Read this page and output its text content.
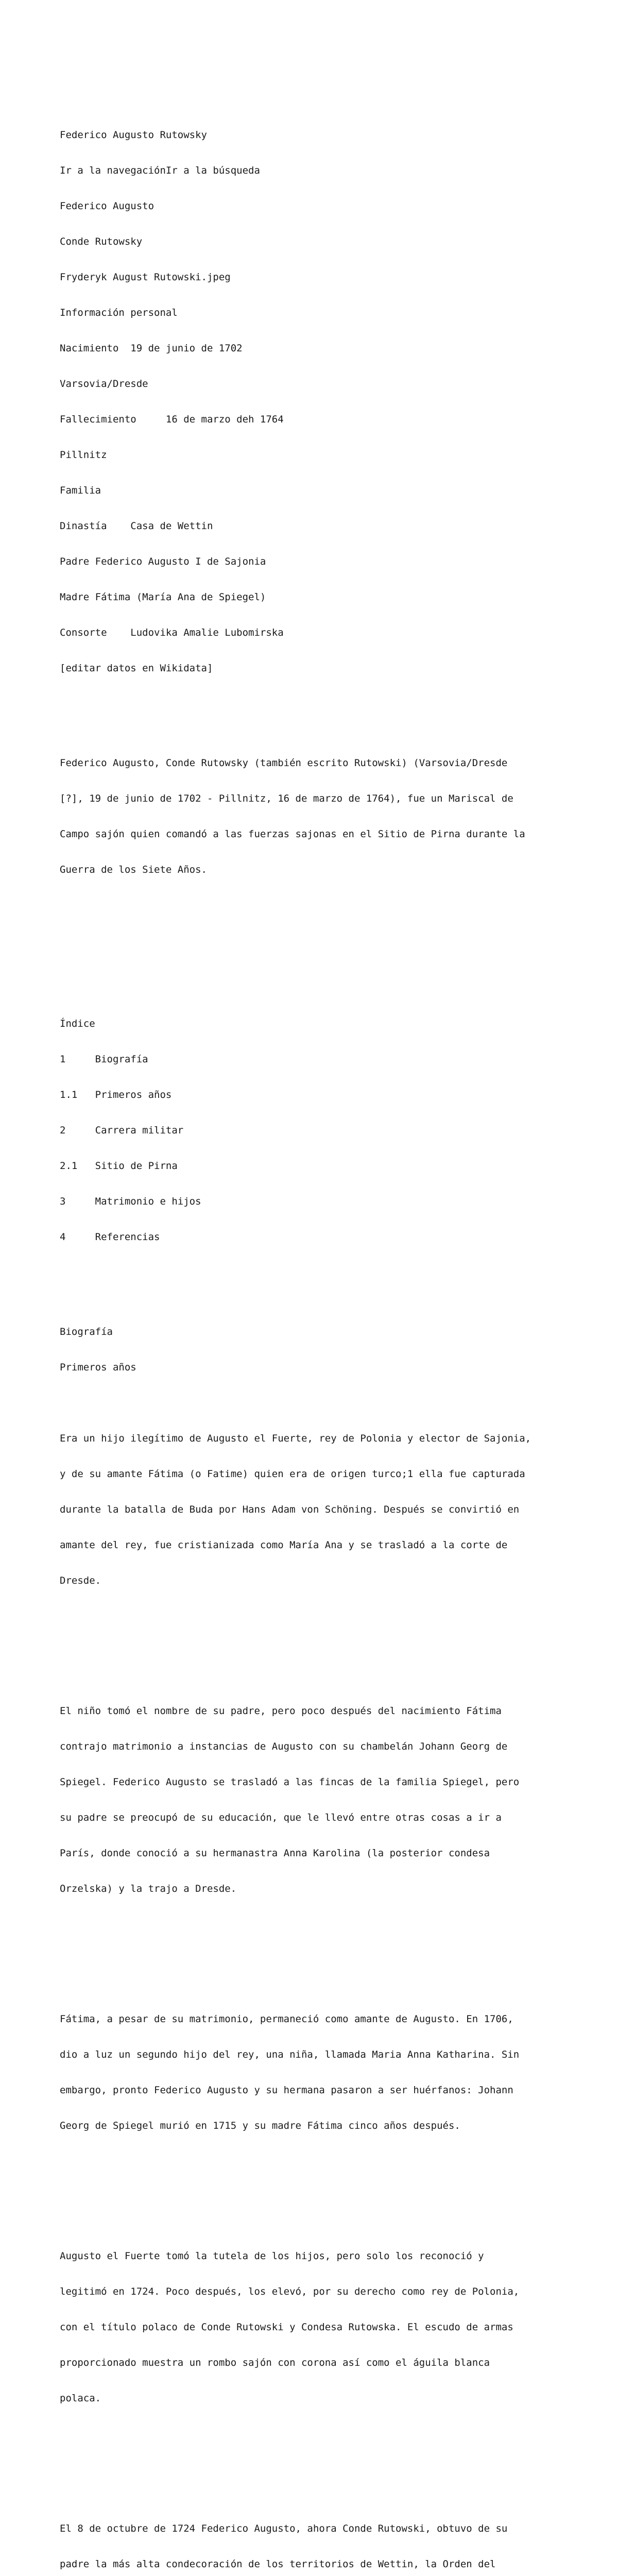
Federico Augusto Rutowsky

Ir a la navegaciónIr a la búsqueda

Federico Augusto

Conde Rutowsky

Fryderyk August Rutowski.jpeg

Información personal

Nacimiento  19 de junio de 1702

Varsovia/Dresde

Fallecimiento     16 de marzo deh 1764

Pillnitz

Familia

Dinastía    Casa de Wettin

Padre Federico Augusto I de Sajonia

Madre Fátima (María Ana de Spiegel)

Consorte    Ludovika Amalie Lubomirska

[editar datos en Wikidata]

Federico Augusto, Conde Rutowsky (también escrito Rutowski) (Varsovia/Dresde

[?], 19 de junio de 1702 - Pillnitz, 16 de marzo de 1764), fue un Mariscal de

Campo sajón quien comandó a las fuerzas sajonas en el Sitio de Pirna durante la

Guerra de los Siete Años.

Índice

1     Biografía

1.1   Primeros años

2     Carrera militar

2.1   Sitio de Pirna

3     Matrimonio e hijos

4     Referencias

Biografía

Primeros años

Era un hijo ilegítimo de Augusto el Fuerte, rey de Polonia y elector de Sajonia,

y de su amante Fátima (o Fatime) quien era de origen turco;1 ella fue capturada

durante la batalla de Buda por Hans Adam von Schöning. Después se convirtió en

amante del rey, fue cristianizada como María Ana y se trasladó a la corte de

Dresde.

El niño tomó el nombre de su padre, pero poco después del nacimiento Fátima

contrajo matrimonio a instancias de Augusto con su chambelán Johann Georg de

Spiegel. Federico Augusto se trasladó a las fincas de la familia Spiegel, pero

su padre se preocupó de su educación, que le llevó entre otras cosas a ir a

París, donde conoció a su hermanastra Anna Karolina (la posterior condesa

Orzelska) y la trajo a Dresde.

Fátima, a pesar de su matrimonio, permaneció como amante de Augusto. En 1706,

dio a luz un segundo hijo del rey, una niña, llamada Maria Anna Katharina. Sin

embargo, pronto Federico Augusto y su hermana pasaron a ser huérfanos: Johann

Georg de Spiegel murió en 1715 y su madre Fátima cinco años después.

Augusto el Fuerte tomó la tutela de los hijos, pero solo los reconoció y

legitimó en 1724. Poco después, los elevó, por su derecho como rey de Polonia,

con el título polaco de Conde Rutowski y Condesa Rutowska. El escudo de armas

proporcionado muestra un rombo sajón con corona así como el águila blanca

polaca.

El 8 de octubre de 1724 Federico Augusto, ahora Conde Rutowski, obtuvo de su

padre la más alta condecoración de los territorios de Wettin, la Orden del
